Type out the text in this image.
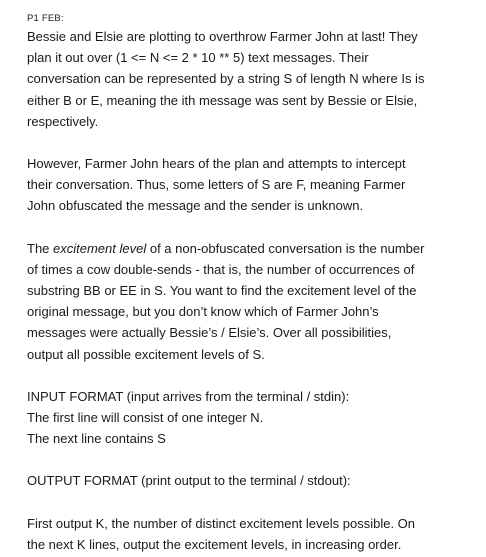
P1 FEB:

Bessie and Elsie are plotting to overthrow Farmer John at last! They
plan it out over (1 <= N <= 2 * 10 ** 5) text messages. Their
conversation can be represented by a string S of length N where Is is
either B or E, meaning the ith message was sent by Bessie or Elsie,
respectively.

However, Farmer John hears of the plan and attempts to intercept
their conversation. Thus, some letters of S are F, meaning Farmer
John obfuscated the message and the sender is unknown.

The excitement level of a non-obfuscated conversation is the number
of times a cow double-sends - that is, the number of occurrences of
substring BB or EE in S. You want to find the excitement level of the
original message, but you don’t know which of Farmer John’s
messages were actually Bessie’s / Elsie’s. Over all possibilities,
output all possible excitement levels of S.

INPUT FORMAT (input arrives from the terminal / stdin):
The first line will consist of one integer N.
The next line contains S

OUTPUT FORMAT (print output to the terminal / stdout):

First output K, the number of distinct excitement levels possible. On
the next K lines, output the excitement levels, in increasing order.
